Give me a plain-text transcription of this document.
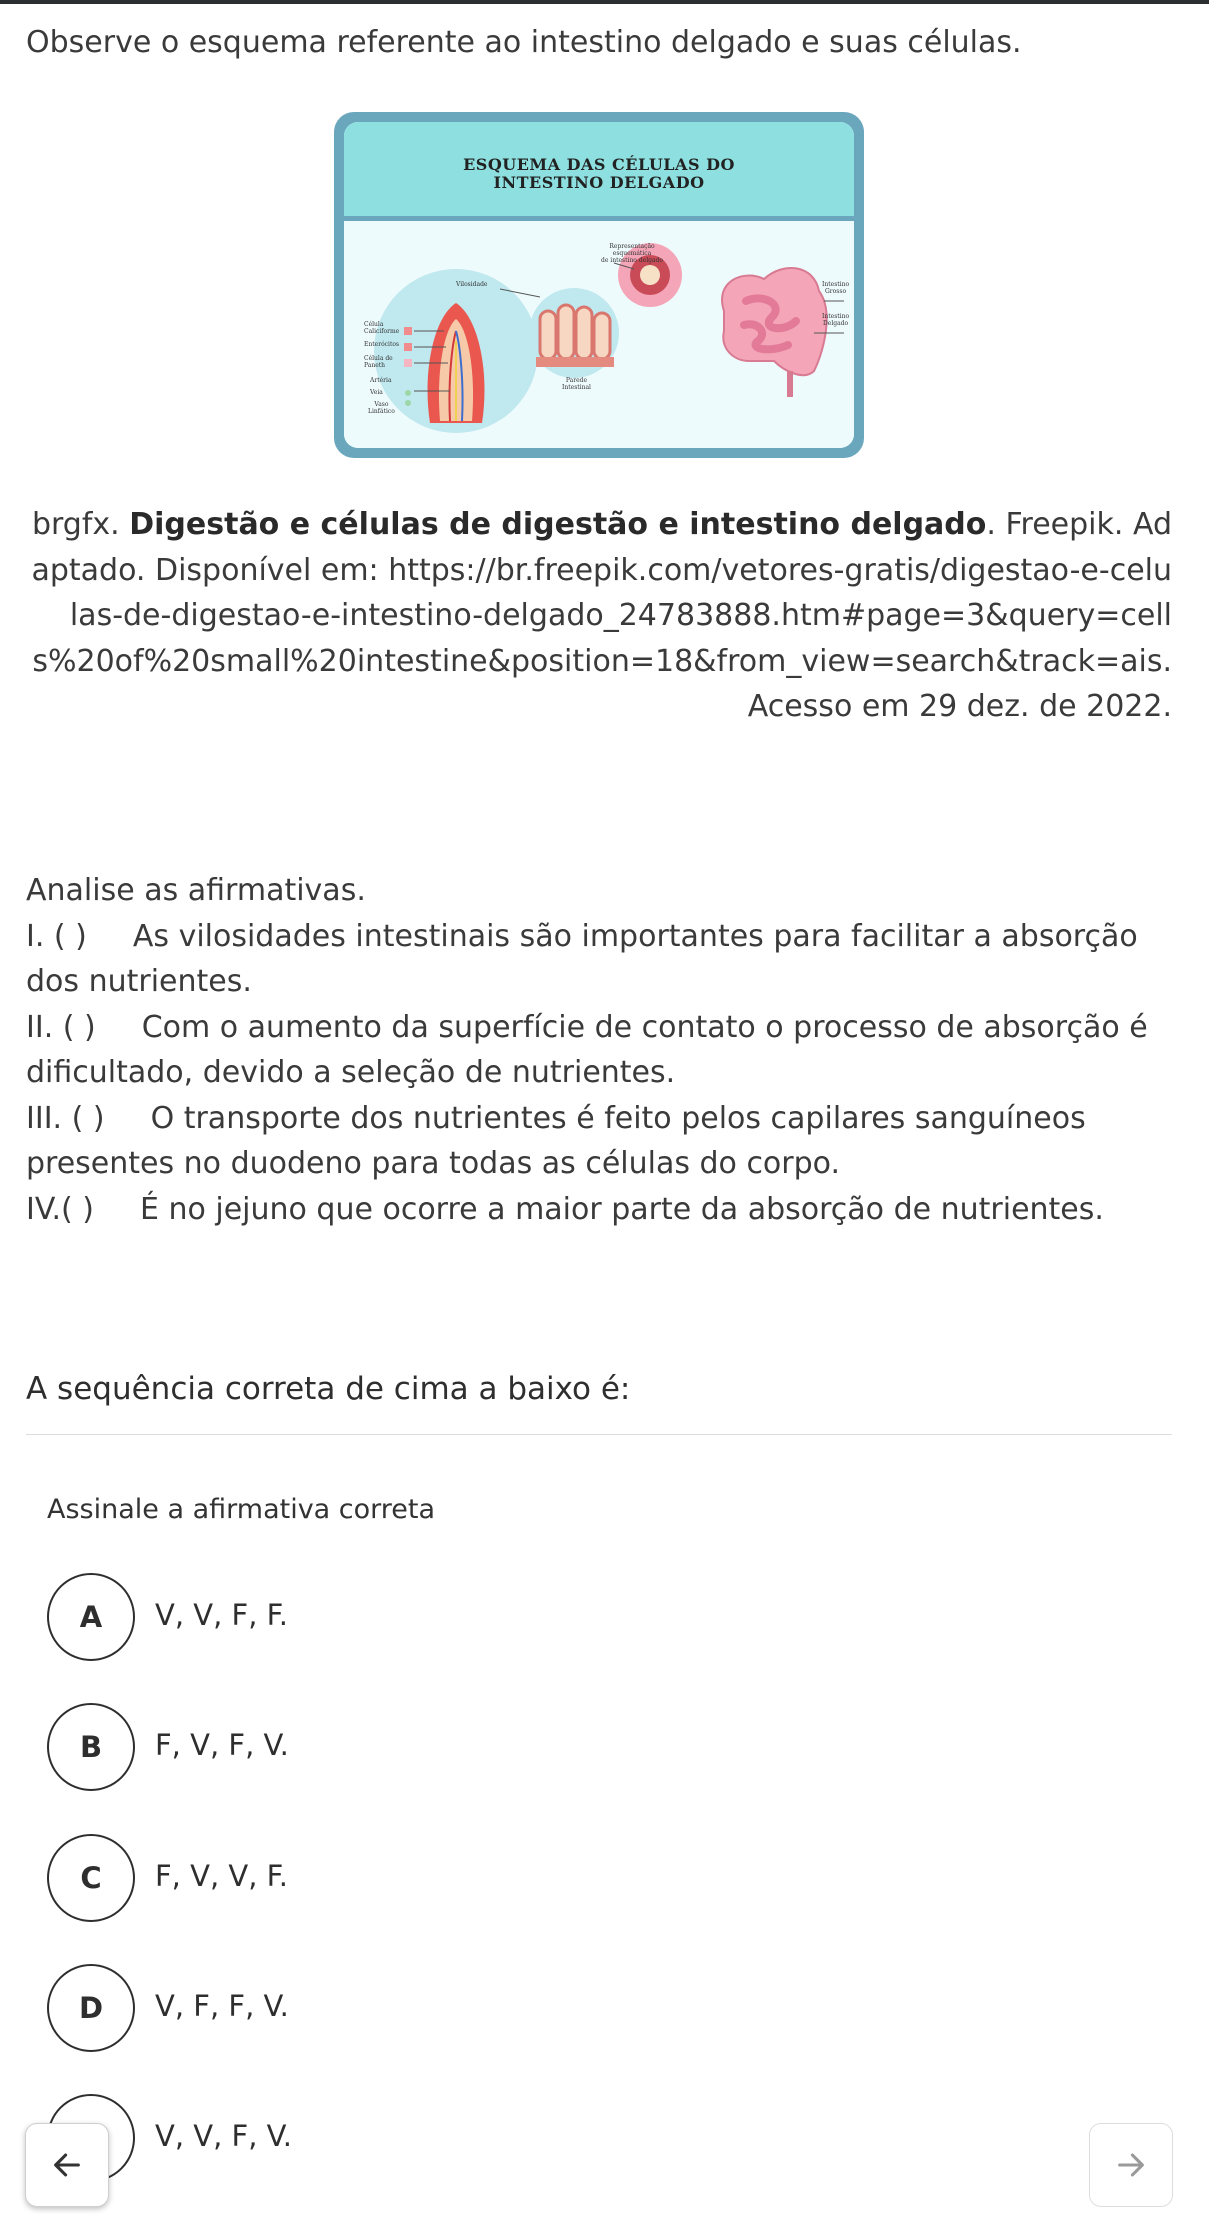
Observe o esquema referente ao intestino delgado e suas células.
ESQUEMA DAS CÉLULAS DO
INTESTINO DELGADO
Representação esquemática
de intestino delgado
Vilosidade
Célula
Caliciforme
Enterócitos
Célula de
Paneth
Artéria
Veia
Vaso
Linfático
Parede
Intestinal
Intestino
Grosso
Intestino
Delgado
brgfx. Digestão e células de digestão e intestino delgado. Freepik. Adaptado. Disponível em: https://br.freepik.com/vetores-gratis/digestao-e-celulas-de-digestao-e-intestino-delgado_24783888.htm#page=3&query=cells%20of%20small%20intestine&position=18&from_view=search&track=ais. Acesso em 29 dez. de 2022.

Analise as afirmativas.

I. ( ) As vilosidades intestinais são importantes para facilitar a absorção dos nutrientes.

II. ( ) Com o aumento da superfície de contato o processo de absorção é dificultado, devido a seleção de nutrientes.

III. ( ) O transporte dos nutrientes é feito pelos capilares sanguíneos presentes no duodeno para todas as células do corpo.

IV.( ) É no jejuno que ocorre a maior parte da absorção de nutrientes.

A sequência correta de cima a baixo é:
Assinale a afirmativa correta
A	V, V, F, F.
B	F, V, F, V.
C	F, V, V, F.
D	V, F, F, V.
V, V, F, V.
